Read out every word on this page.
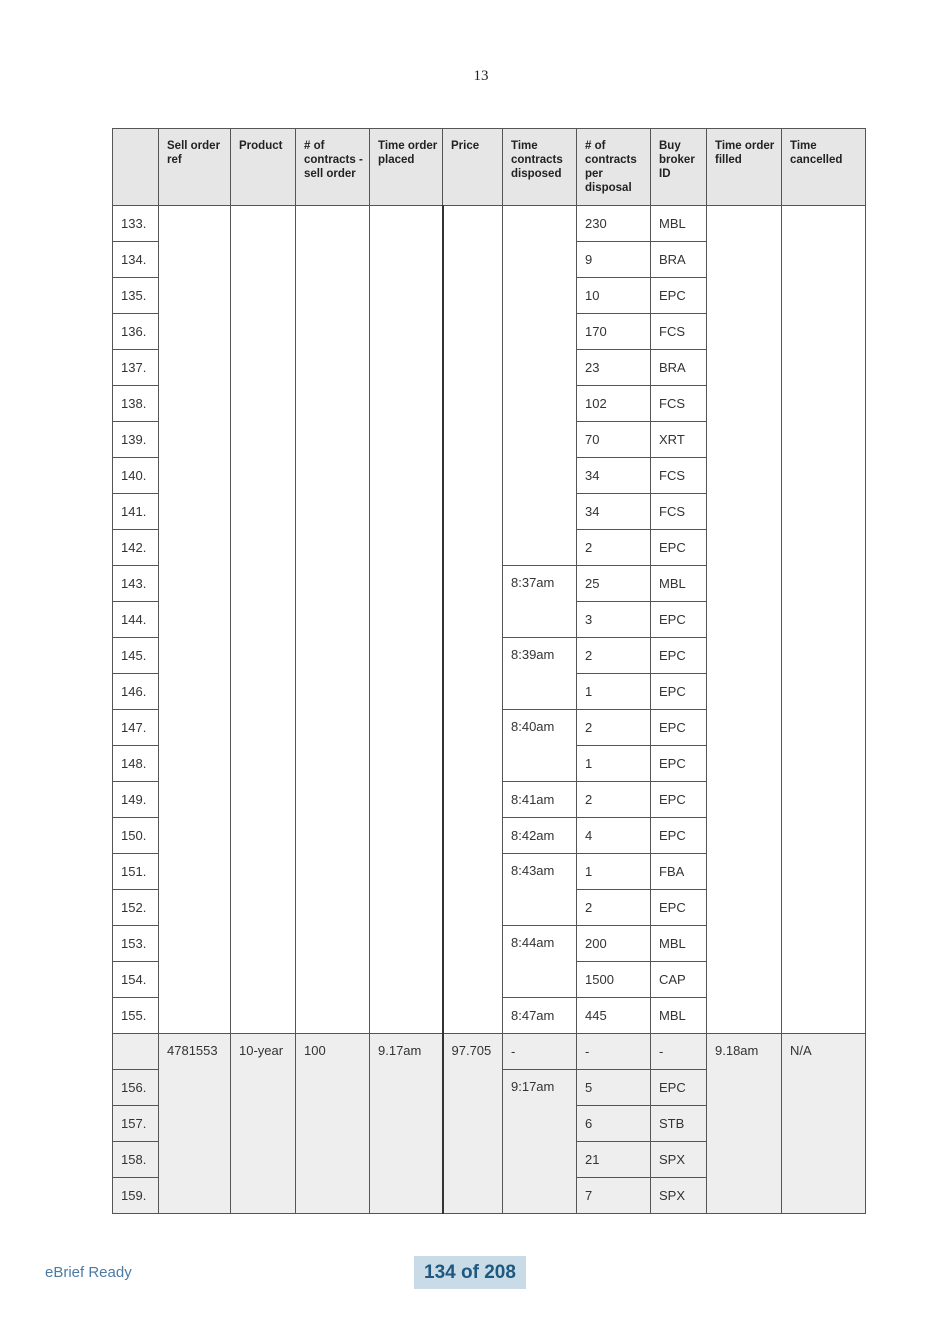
13
	Sell order ref	Product	# of contracts - sell order	Time order placed	Price	Time contracts disposed	# of contracts per disposal	Buy broker ID	Time order filled	Time cancelled
133.							230	MBL		
134.							9	BRA		
135.							10	EPC		
136.							170	FCS		
137.							23	BRA		
138.							102	FCS		
139.							70	XRT		
140.							34	FCS		
141.							34	FCS		
142.							2	EPC		
143.						8:37am	25	MBL		
144.							3	EPC		
145.						8:39am	2	EPC		
146.							1	EPC		
147.						8:40am	2	EPC		
148.							1	EPC		
149.						8:41am	2	EPC		
150.						8:42am	4	EPC		
151.						8:43am	1	FBA		
152.							2	EPC		
153.						8:44am	200	MBL		
154.							1500	CAP		
155.						8:47am	445	MBL		
	4781553	10-year	100	9.17am	97.705	-	-	-	9.18am	N/A
156.						9:17am	5	EPC		
157.							6	STB		
158.							21	SPX		
159.							7	SPX		
eBrief Ready	134 of 208
